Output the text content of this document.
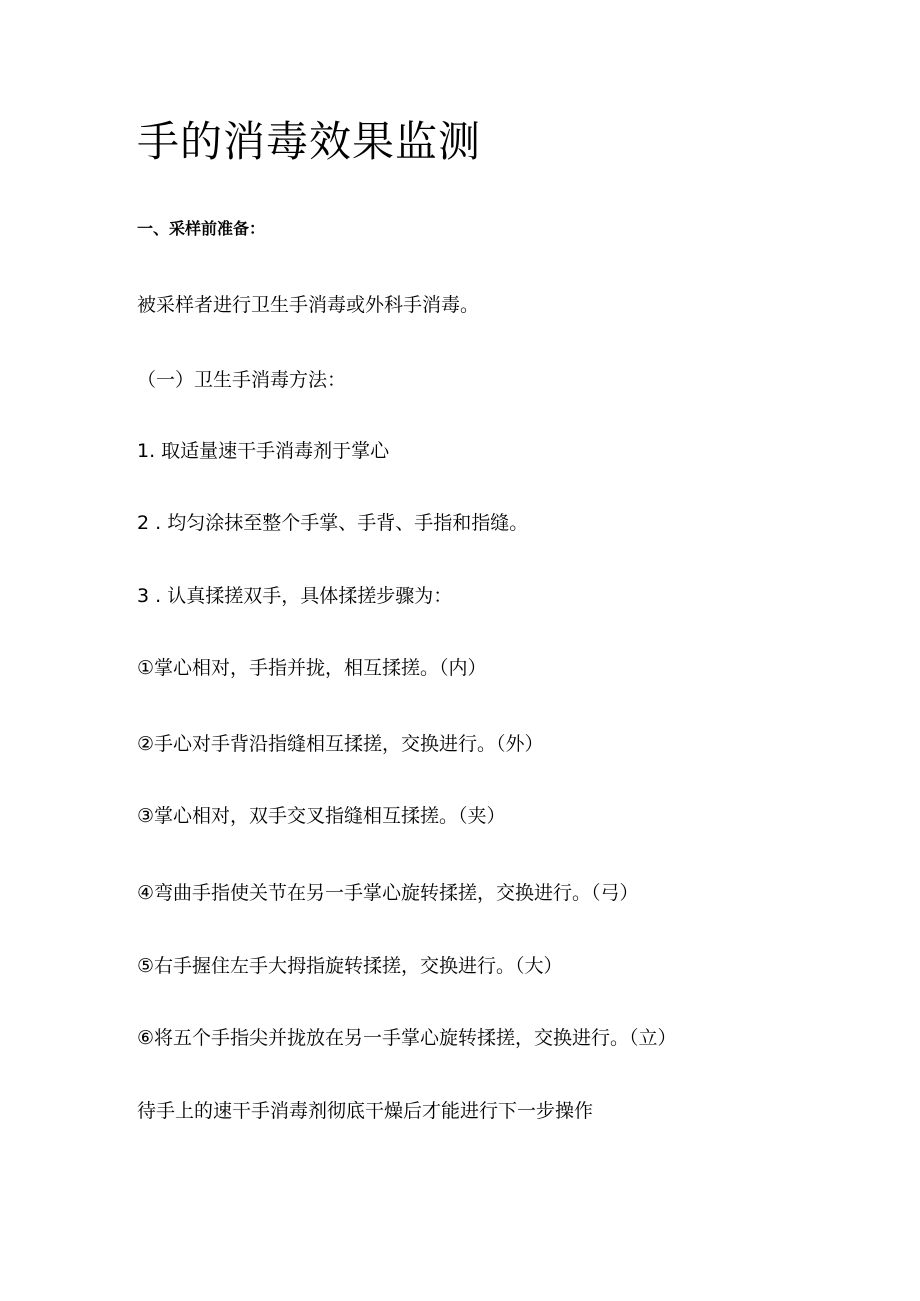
手的消毒效果监测

一、采样前准备：

被采样者进行卫生手消毒或外科手消毒。

（一）卫生手消毒方法：

1. 取适量速干手消毒剂于掌心

2 . 均匀涂抹至整个手掌、手背、手指和指缝。

3 . 认真揉搓双手，具体揉搓步骤为：

①掌心相对，手指并拢，相互揉搓。（内）

②手心对手背沿指缝相互揉搓，交换进行。（外）

③掌心相对，双手交叉指缝相互揉搓。（夹）

④弯曲手指使关节在另一手掌心旋转揉搓，交换进行。（弓）

⑤右手握住左手大拇指旋转揉搓，交换进行。（大）

⑥将五个手指尖并拢放在另一手掌心旋转揉搓，交换进行。（立）

待手上的速干手消毒剂彻底干燥后才能进行下一步操作
